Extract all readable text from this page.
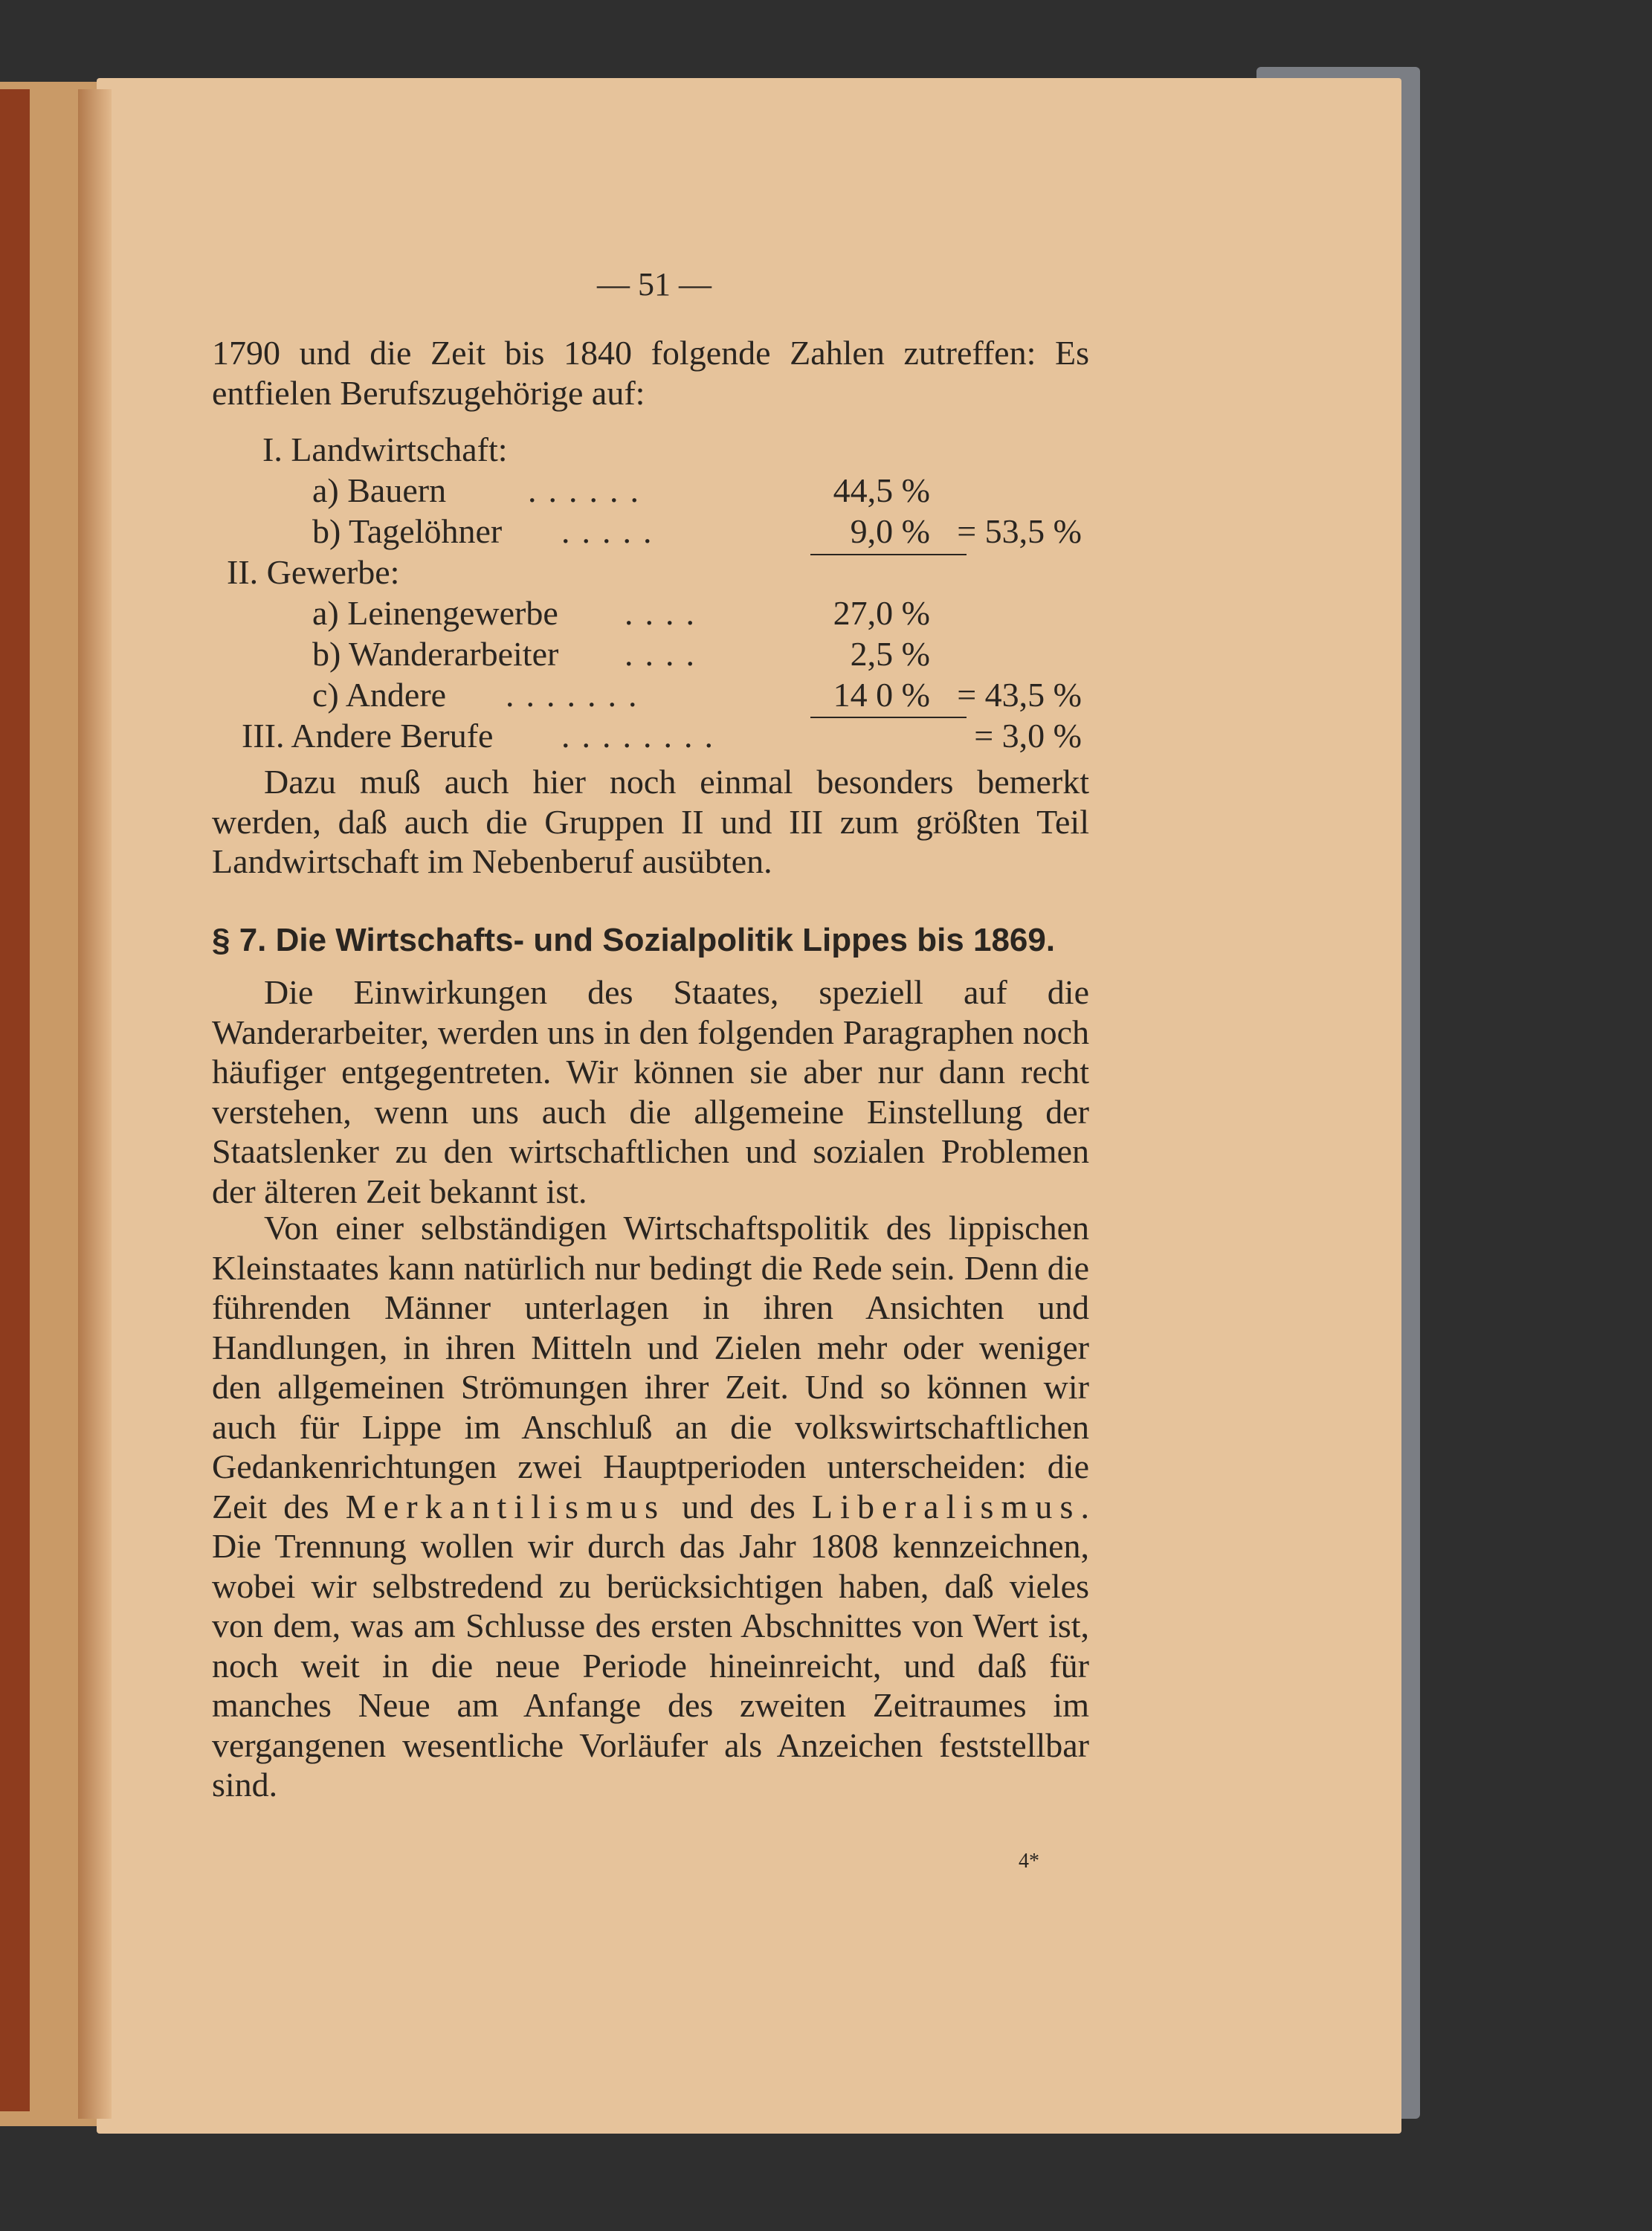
— 51 —

1790 und die Zeit bis 1840 folgende Zahlen zutreffen: Es entfielen Berufszugehörige auf:

I. Landwirtschaft:
a) Bauern ......	44,5 %
b) Tagelöhner .....	9,0 % = 53,5 %
II. Gewerbe:
a) Leinengewerbe ....	27,0 %
b) Wanderarbeiter ....	2,5 %
c) Andere .......	14 0 % = 43,5 %
III. Andere Berufe ........	= 3,0 %

Dazu muß auch hier noch einmal besonders bemerkt werden, daß auch die Gruppen II und III zum größten Teil Landwirtschaft im Nebenberuf ausübten.

§ 7. Die Wirtschafts- und Sozialpolitik Lippes bis 1869.

Die Einwirkungen des Staates, speziell auf die Wanderarbeiter, werden uns in den folgenden Paragraphen noch häufiger entgegentreten. Wir können sie aber nur dann recht verstehen, wenn uns auch die allgemeine Einstellung der Staatslenker zu den wirtschaftlichen und sozialen Problemen der älteren Zeit bekannt ist.

Von einer selbständigen Wirtschaftspolitik des lippischen Kleinstaates kann natürlich nur bedingt die Rede sein. Denn die führenden Männer unterlagen in ihren Ansichten und Handlungen, in ihren Mitteln und Zielen mehr oder weniger den allgemeinen Strömungen ihrer Zeit. Und so können wir auch für Lippe im Anschluß an die volkswirtschaftlichen Gedankenrichtungen zwei Hauptperioden unterscheiden: die Zeit des Merkantilismus und des Liberalismus. Die Trennung wollen wir durch das Jahr 1808 kennzeichnen, wobei wir selbstredend zu berücksichtigen haben, daß vieles von dem, was am Schlusse des ersten Abschnittes von Wert ist, noch weit in die neue Periode hineinreicht, und daß für manches Neue am Anfange des zweiten Zeitraumes im vergangenen wesentliche Vorläufer als Anzeichen feststellbar sind.

4*
